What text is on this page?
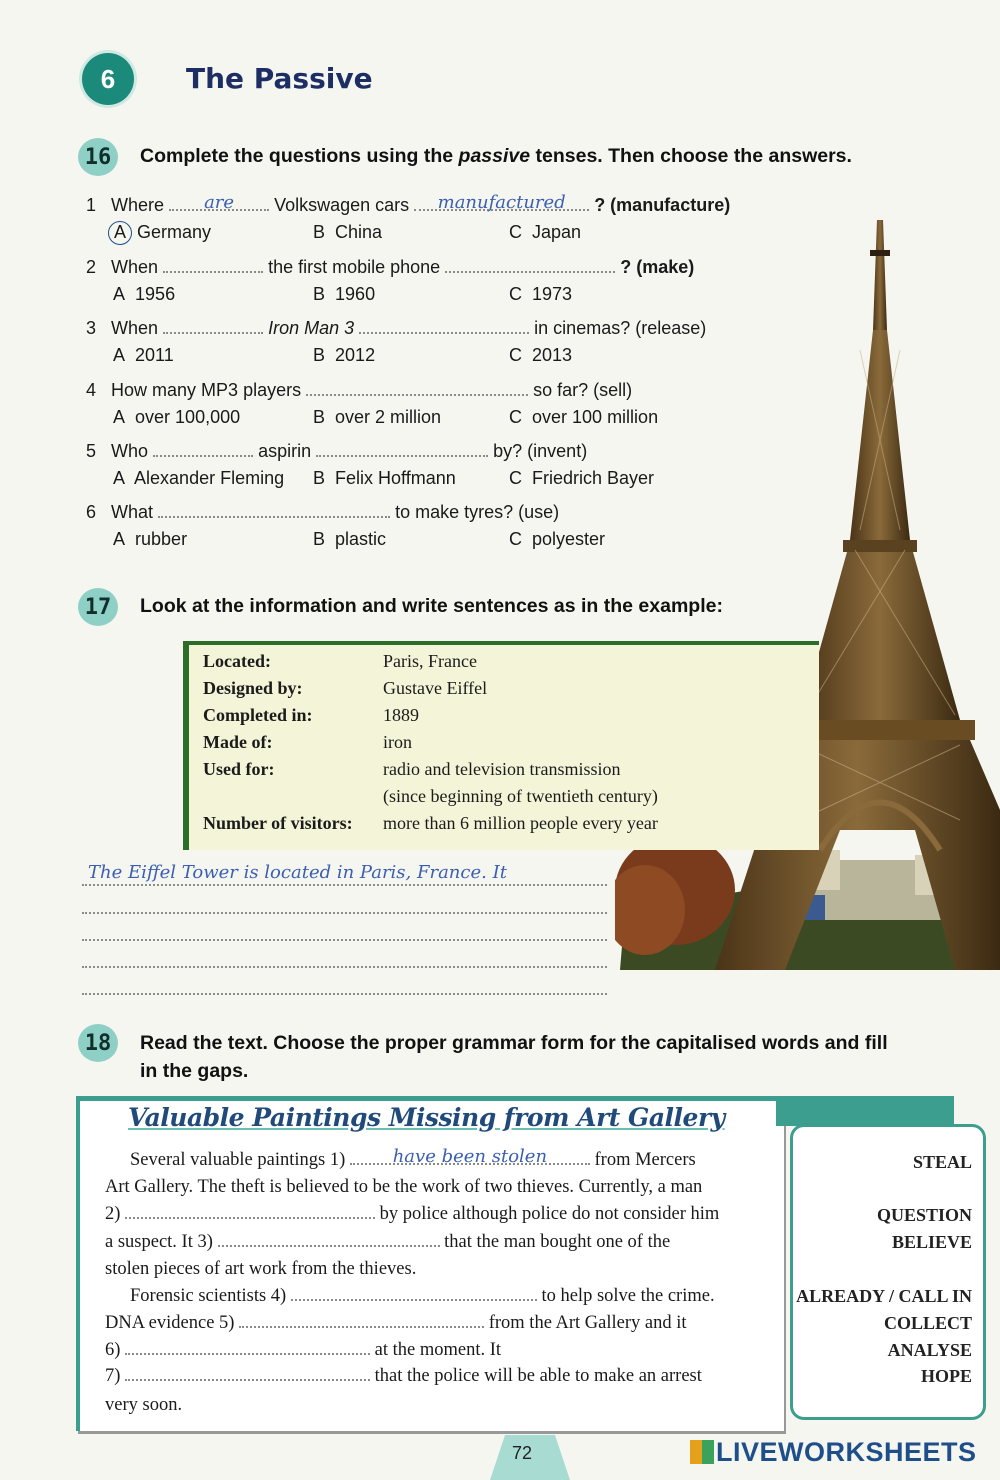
6	The Passive
16	Complete the questions using the passive tenses. Then choose the answers.
1 Where	are	Volkswagen cars	manufactured	? (manufacture)
A Germany	B China	C Japan
2 When	the first mobile phone	? (make)
A 1956	B 1960	C 1973
3 When	Iron Man 3	in cinemas? (release)
A 2011	B 2012	C 2013
4 How many MP3 players	so far? (sell)
A over 100,000	B over 2 million	C over 100 million
5 Who	aspirin	by? (invent)
A Alexander Fleming B Felix Hoffmann	C Friedrich Bayer
6 What	to make tyres? (use)
A rubber	B plastic	C polyester
17	Look at the information and write sentences as in the example:
Located:	Paris, France
Designed by:	Gustave Eiffel
Completed in:	1889
Made of:	iron
Used for:	radio and television transmission
(since beginning of twentieth century)
Number of visitors: more than 6 million people every year
The Eiffel Tower is located in Paris, France. It
18	Read the text. Choose the proper grammar form for the capitalised words and fill
in the gaps.
Valuable Paintings Missing from Art Gallery
Several valuable paintings 1)	have been stolen	from Mercers
Art Gallery. The theft is believed to be the work of two thieves. Currently, a man
2)	by police although police do not consider him
a suspect. It 3)	that the man bought one of the
stolen pieces of art work from the thieves.
Forensic scientists 4)	to help solve the crime.
DNA evidence 5)	from the Art Gallery and it
6)	at the moment. It
7)	that the police will be able to make an arrest
very soon.
STEAL
QUESTION
BELIEVE
ALREADY / CALL IN
COLLECT
ANALYSE
HOPE
72	LIVEWORKSHEETS
